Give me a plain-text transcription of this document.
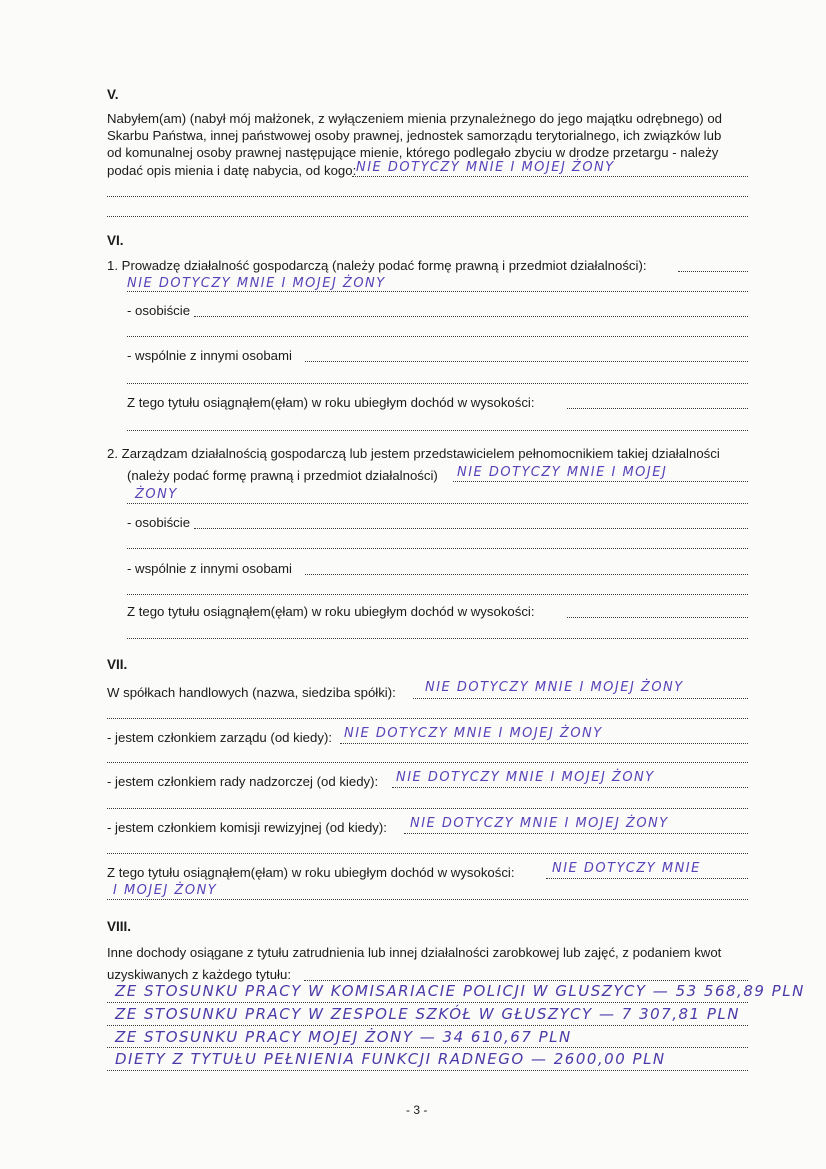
V.
Nabyłem(am) (nabył mój małżonek, z wyłączeniem mienia przynależnego do jego majątku odrębnego) od
Skarbu Państwa, innej państwowej osoby prawnej, jednostek samorządu terytorialnego, ich związków lub
od komunalnej osoby prawnej następujące mienie, którego podlegało zbyciu w drodze przetargu - należy
podać opis mienia i datę nabycia, od kogo: NIE DOTYCZY MNIE I MOJEJ ŻONY
VI.
1. Prowadzę działalność gospodarczą (należy podać formę prawną i przedmiot działalności):
NIE DOTYCZY MNIE I MOJEJ ŻONY
- osobiście
- wspólnie z innymi osobami
Z tego tytułu osiągnąłem(ęłam) w roku ubiegłym dochód w wysokości:
2. Zarządzam działalnością gospodarczą lub jestem przedstawicielem pełnomocnikiem takiej działalności
(należy podać formę prawną i przedmiot działalności) NIE DOTYCZY MNIE I MOJEJ
ŻONY
- osobiście
- wspólnie z innymi osobami
Z tego tytułu osiągnąłem(ęłam) w roku ubiegłym dochód w wysokości:
VII.
W spółkach handlowych (nazwa, siedziba spółki): NIE DOTYCZY MNIE I MOJEJ ŻONY
- jestem członkiem zarządu (od kiedy): NIE DOTYCZY MNIE I MOJEJ ŻONY
- jestem członkiem rady nadzorczej (od kiedy): NIE DOTYCZY MNIE I MOJEJ ŻONY
- jestem członkiem komisji rewizyjnej (od kiedy): NIE DOTYCZY MNIE I MOJEJ ŻONY
Z tego tytułu osiągnąłem(ęłam) w roku ubiegłym dochód w wysokości:	NIE DOTYCZY MNIE
I MOJEJ ŻONY
VIII.
Inne dochody osiągane z tytułu zatrudnienia lub innej działalności zarobkowej lub zajęć, z podaniem kwot
uzyskiwanych z każdego tytułu:
ZE STOSUNKU PRACY W KOMISARIACIE POLICJI W GLUSZYCY — 53 568,89 PLN
ZE STOSUNKU PRACY W ZESPOLE SZKÓŁ W GŁUSZYCY — 7 307,81 PLN
ZE STOSUNKU PRACY MOJEJ ŻONY — 34 610,67 PLN
DIETY Z TYTUŁU PEŁNIENIA FUNKCJI RADNEGO — 2600,00 PLN
- 3 -
